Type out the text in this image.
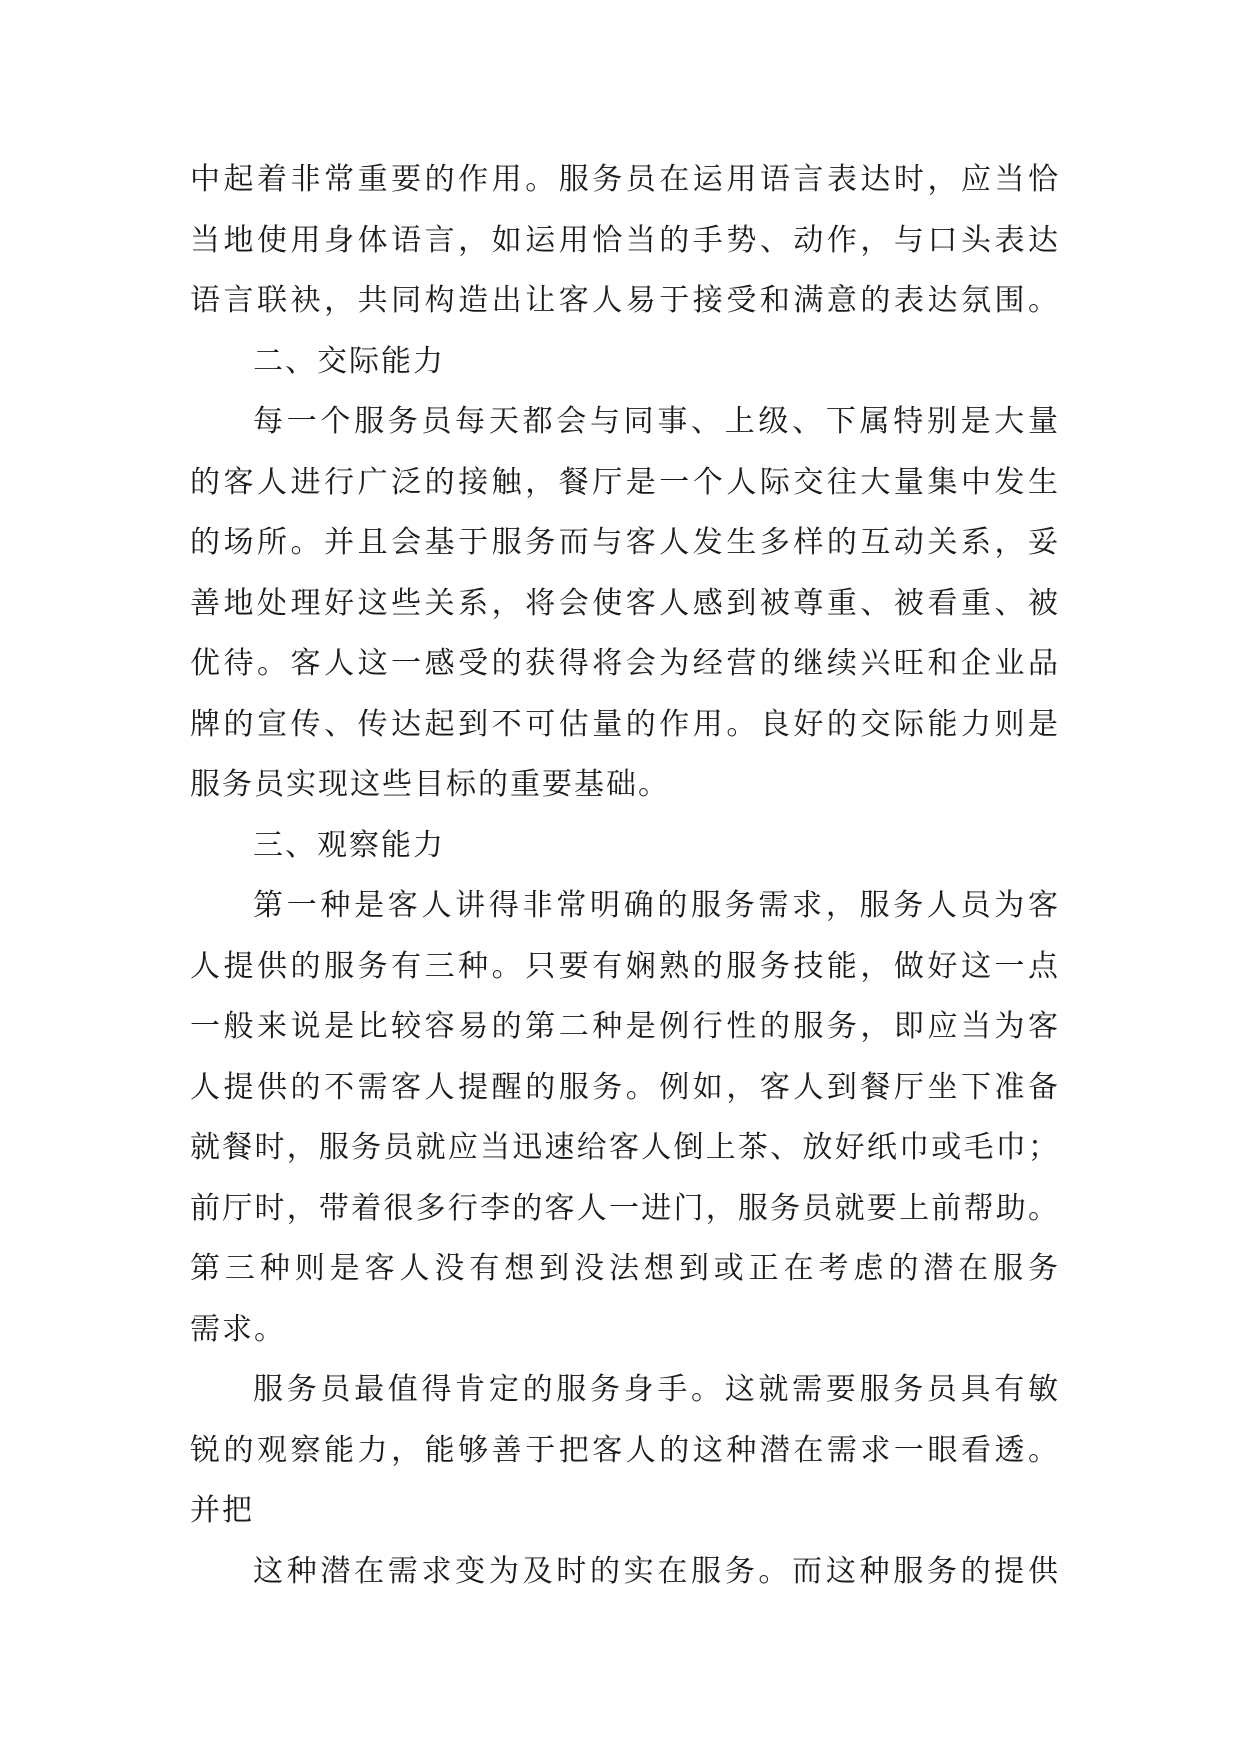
中起着非常重要的作用。服务员在运用语言表达时，应当恰
当地使用身体语言，如运用恰当的手势、动作，与口头表达
语言联袂，共同构造出让客人易于接受和满意的表达氛围。
二、交际能力
每一个服务员每天都会与同事、上级、下属特别是大量
的客人进行广泛的接触，餐厅是一个人际交往大量集中发生
的场所。并且会基于服务而与客人发生多样的互动关系，妥
善地处理好这些关系，将会使客人感到被尊重、被看重、被
优待。客人这一感受的获得将会为经营的继续兴旺和企业品
牌的宣传、传达起到不可估量的作用。良好的交际能力则是
服务员实现这些目标的重要基础。
三、观察能力
第一种是客人讲得非常明确的服务需求，服务人员为客
人提供的服务有三种。只要有娴熟的服务技能，做好这一点
一般来说是比较容易的第二种是例行性的服务，即应当为客
人提供的不需客人提醒的服务。例如，客人到餐厅坐下准备
就餐时，服务员就应当迅速给客人倒上茶、放好纸巾或毛巾；
前厅时，带着很多行李的客人一进门，服务员就要上前帮助。
第三种则是客人没有想到没法想到或正在考虑的潜在服务
需求。
服务员最值得肯定的服务身手。这就需要服务员具有敏
锐的观察能力，能够善于把客人的这种潜在需求一眼看透。
并把
这种潜在需求变为及时的实在服务。而这种服务的提供
